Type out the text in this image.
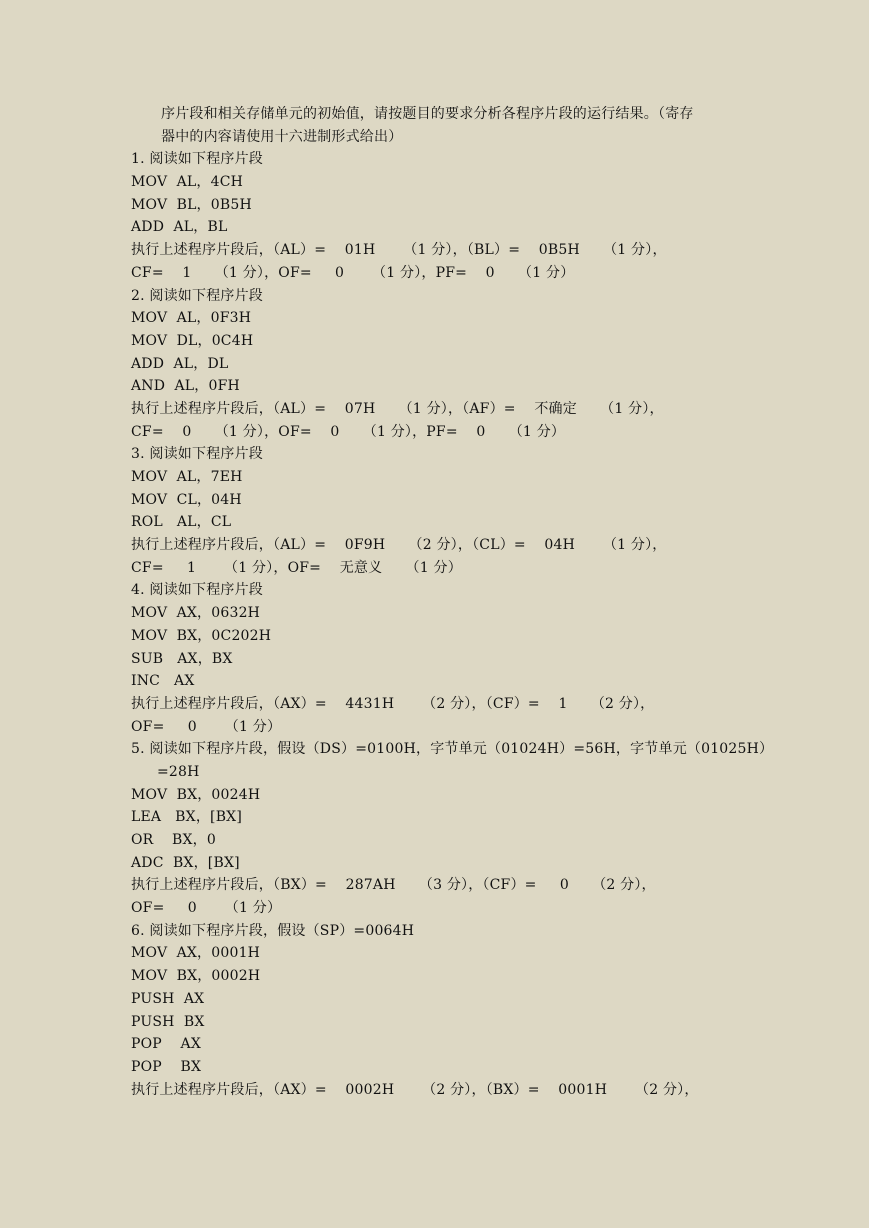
序片段和相关存储单元的初始值，请按题目的要求分析各程序片段的运行结果。（寄存
器中的内容请使用十六进制形式给出）
1. 阅读如下程序片段
MOV  AL，4CH
MOV  BL，0B5H
ADD  AL，BL
执行上述程序片段后，（AL）=    01H      （1 分），（BL）=    0B5H     （1 分），
CF=    1     （1 分），OF=     0      （1 分），PF=    0     （1 分）
2. 阅读如下程序片段
MOV  AL，0F3H
MOV  DL，0C4H
ADD  AL，DL
AND  AL，0FH
执行上述程序片段后，（AL）=    07H     （1 分），（AF）=    不确定     （1 分），
CF=    0     （1 分），OF=    0     （1 分），PF=    0     （1 分）
3. 阅读如下程序片段
MOV  AL，7EH
MOV  CL，04H
ROL   AL，CL
执行上述程序片段后，（AL）=    0F9H     （2 分），（CL）=    04H      （1 分），
CF=     1      （1 分），OF=    无意义     （1 分）
4. 阅读如下程序片段
MOV  AX，0632H
MOV  BX，0C202H
SUB   AX，BX
INC   AX
执行上述程序片段后，（AX）=    4431H      （2 分），（CF）=    1     （2 分），
OF=     0      （1 分）
5. 阅读如下程序片段，假设（DS）=0100H，字节单元（01024H）=56H，字节单元（01025H）
=28H
MOV  BX，0024H
LEA   BX，[BX]
OR    BX，0
ADC  BX，[BX]
执行上述程序片段后，（BX）=    287AH     （3 分），（CF）=     0     （2 分），
OF=     0      （1 分）
6. 阅读如下程序片段，假设（SP）=0064H
MOV  AX，0001H
MOV  BX，0002H
PUSH  AX
PUSH  BX
POP    AX
POP    BX
执行上述程序片段后，（AX）=    0002H      （2 分），（BX）=    0001H      （2 分），
